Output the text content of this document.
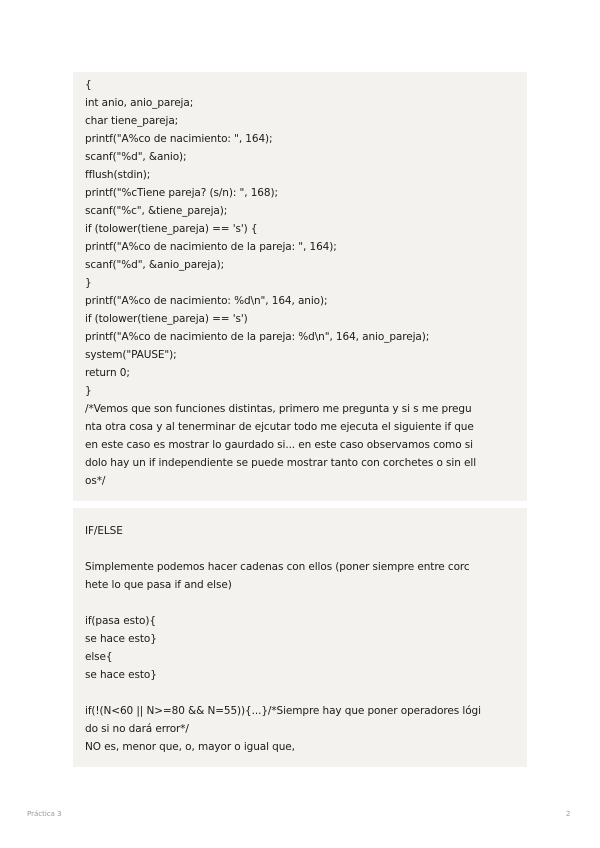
{
int anio, anio_pareja;
char tiene_pareja;
printf("A%co de nacimiento: ", 164);
scanf("%d", &anio);
fflush(stdin);
printf("%cTiene pareja? (s/n): ", 168);
scanf("%c", &tiene_pareja);
if (tolower(tiene_pareja) == 's') {
printf("A%co de nacimiento de la pareja: ", 164);
scanf("%d", &anio_pareja);
}
printf("A%co de nacimiento: %d\n", 164, anio);
if (tolower(tiene_pareja) == 's')
printf("A%co de nacimiento de la pareja: %d\n", 164, anio_pareja);
system("PAUSE");
return 0;
}
/*Vemos que son funciones distintas, primero me pregunta y si s me pregu
nta otra cosa y al tenerminar de ejcutar todo me ejecuta el siguiente if que
en este caso es mostrar lo gaurdado si... en este caso observamos como si
dolo hay un if independiente se puede mostrar tanto con corchetes o sin ell
os*/
IF/ELSE
Simplemente podemos hacer cadenas con ellos (poner siempre entre corc
hete lo que pasa if and else)
if(pasa esto){
se hace esto}
else{
se hace esto}
if(!(N<60 || N>=80 && N=55)){...}/*Siempre hay que poner operadores lógi
do si no dará error*/
NO es, menor que, o, mayor o igual que,
Práctica 3	2
